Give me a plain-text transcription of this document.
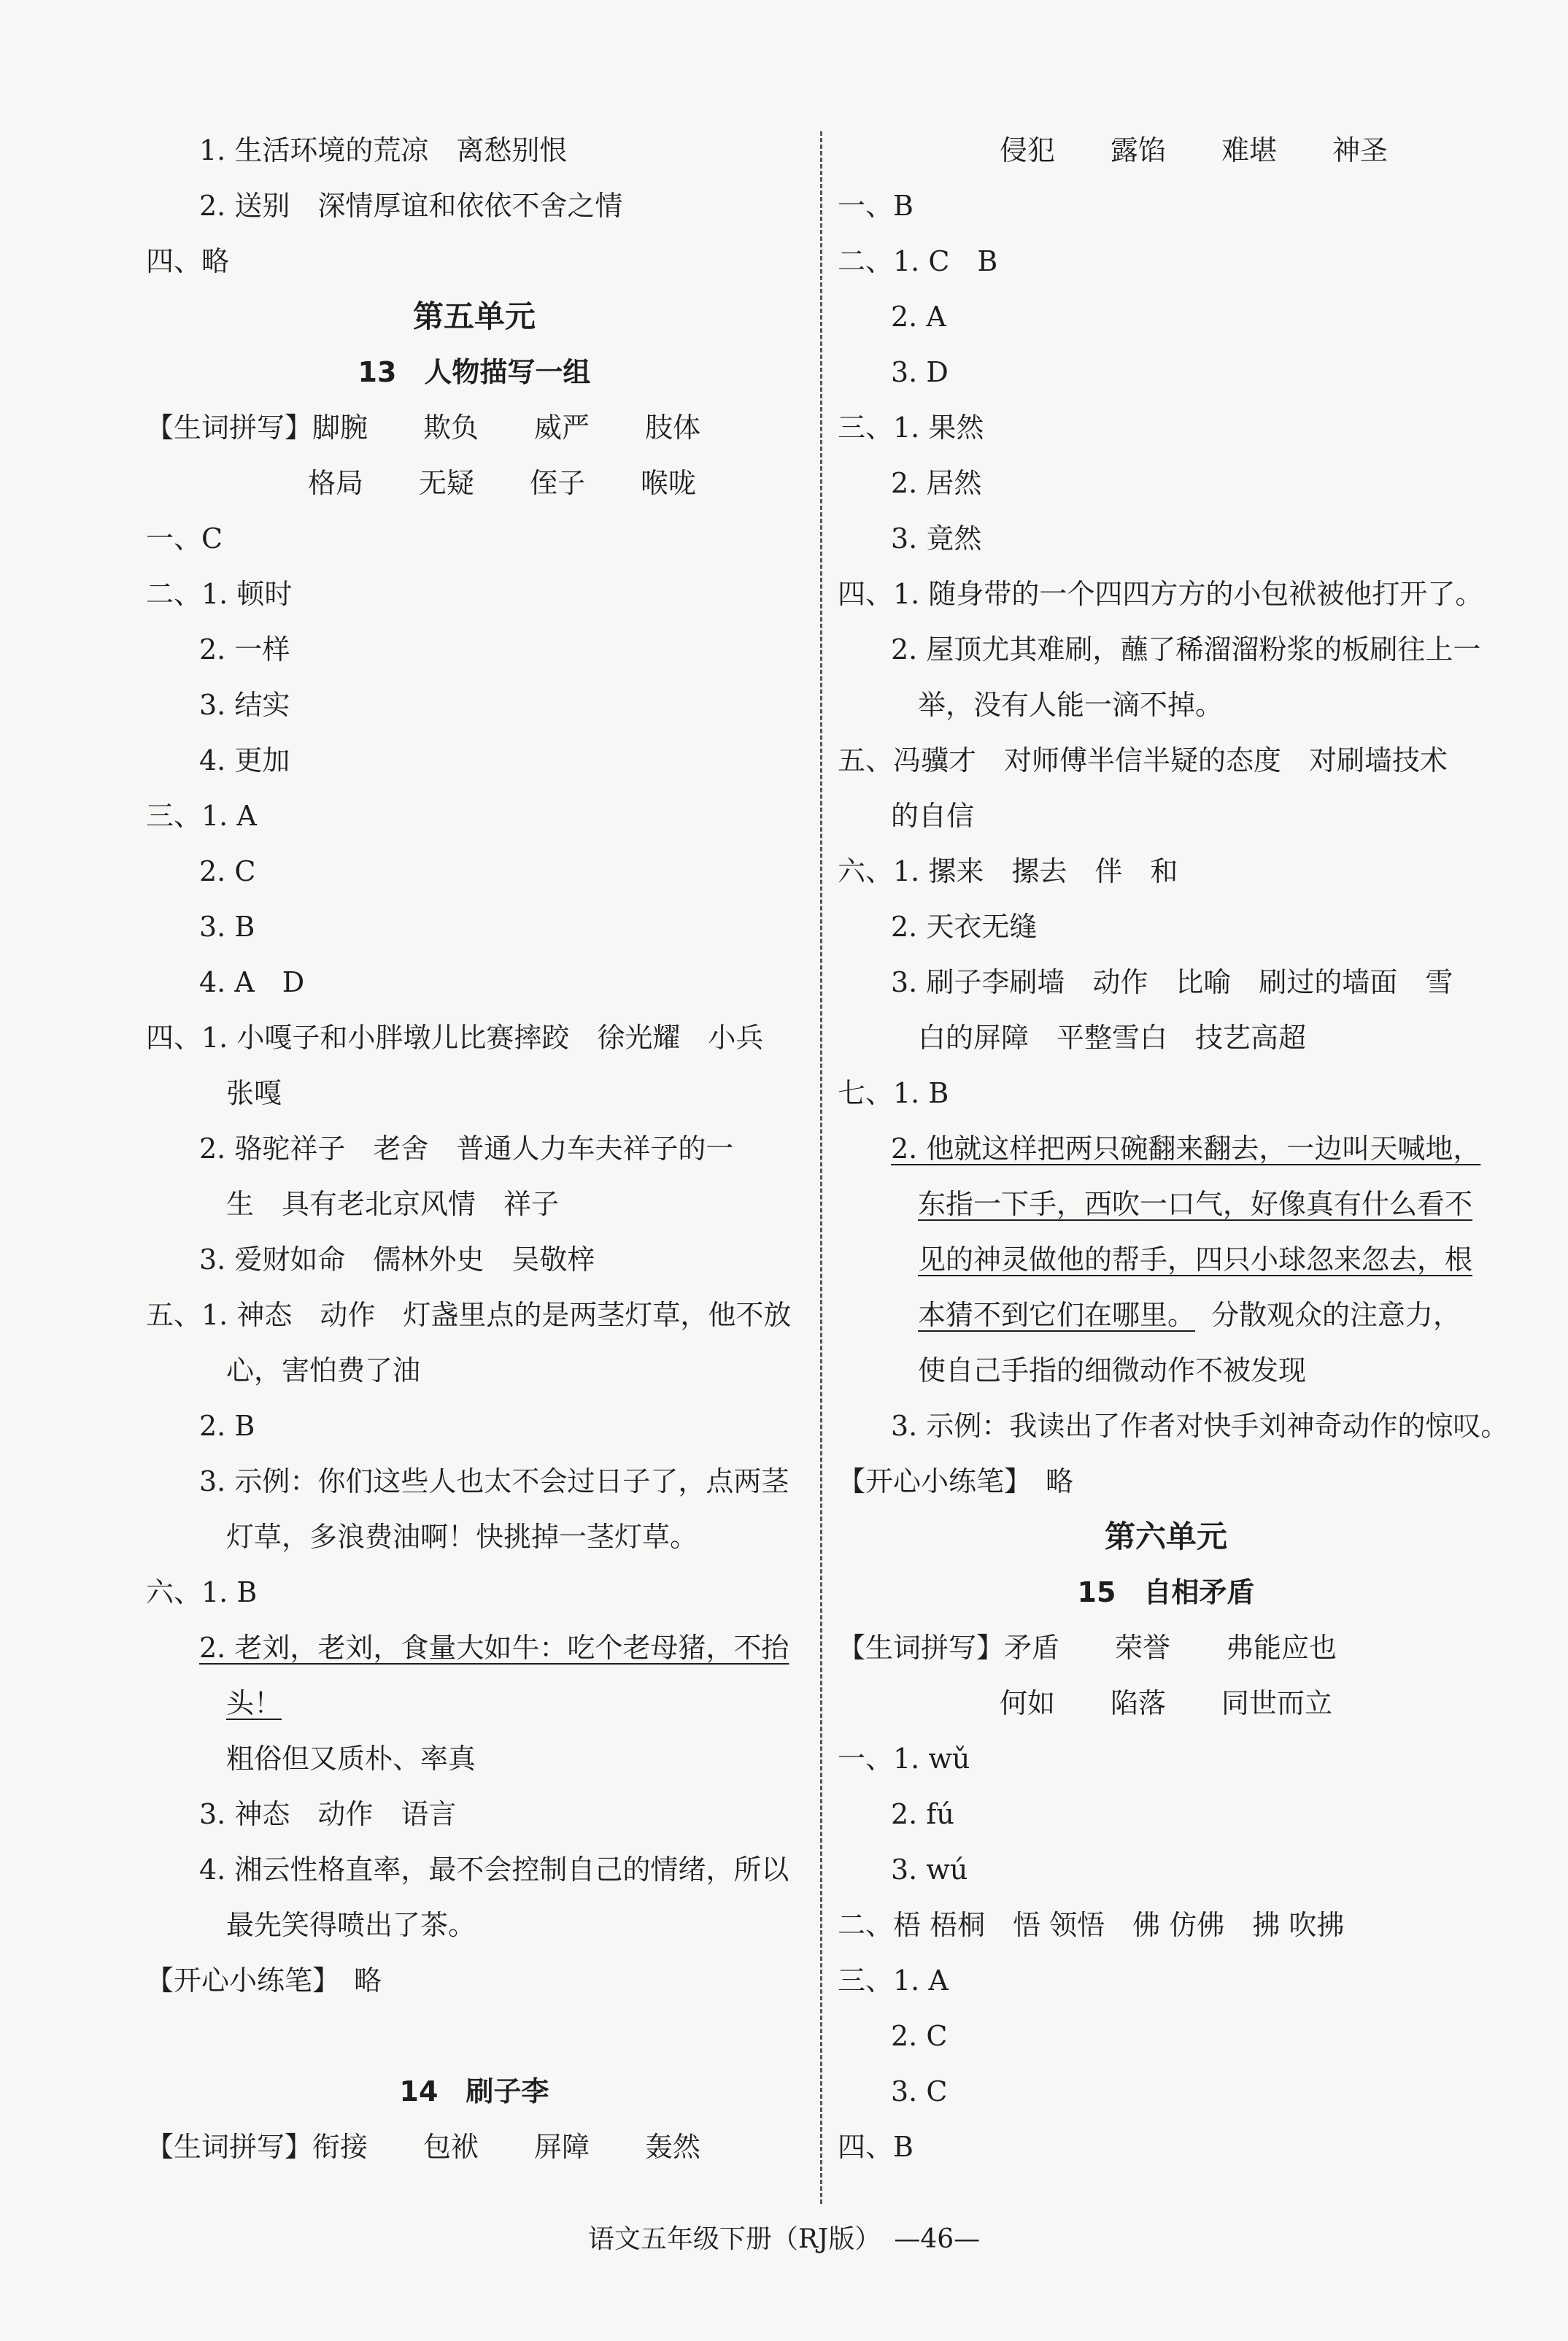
1. 生活环境的荒凉　离愁别恨
2. 送别　深情厚谊和依依不舍之情
四、略
第五单元
13　人物描写一组
【生词拼写】脚腕　　欺负　　威严　　肢体
格局　　无疑　　侄子　　喉咙
一、C
二、1. 顿时
2. 一样
3. 结实
4. 更加
三、1. A
2. C
3. B
4. A　D
四、1. 小嘎子和小胖墩儿比赛摔跤　徐光耀　小兵
张嘎
2. 骆驼祥子　老舍　普通人力车夫祥子的一
生　具有老北京风情　祥子
3. 爱财如命　儒林外史　吴敬梓
五、1. 神态　动作　灯盏里点的是两茎灯草，他不放
心，害怕费了油
2. B
3. 示例：你们这些人也太不会过日子了，点两茎
灯草，多浪费油啊！快挑掉一茎灯草。
六、1. B
2. 老刘，老刘，食量大如牛：吃个老母猪，不抬
头！
粗俗但又质朴、率真
3. 神态　动作　语言
4. 湘云性格直率，最不会控制自己的情绪，所以
最先笑得喷出了茶。
【开心小练笔】　略
14　刷子李
【生词拼写】衔接　　包袱　　屏障　　轰然
侵犯　　露馅　　难堪　　神圣
一、B
二、1. C　B
2. A
3. D
三、1. 果然
2. 居然
3. 竟然
四、1. 随身带的一个四四方方的小包袱被他打开了。
2. 屋顶尤其难刷，蘸了稀溜溜粉浆的板刷往上一
举，没有人能一滴不掉。
五、冯骥才　对师傅半信半疑的态度　对刷墙技术
的自信
六、1. 摞来　摞去　伴　和
2. 天衣无缝
3. 刷子李刷墙　动作　比喻　刷过的墙面　雪
白的屏障　平整雪白　技艺高超
七、1. B
2. 他就这样把两只碗翻来翻去，一边叫天喊地，
东指一下手，西吹一口气，好像真有什么看不
见的神灵做他的帮手，四只小球忽来忽去，根
本猜不到它们在哪里。 分散观众的注意力，
使自己手指的细微动作不被发现
3. 示例：我读出了作者对快手刘神奇动作的惊叹。
【开心小练笔】　略
第六单元
15　自相矛盾
【生词拼写】矛盾　　荣誉　　弗能应也
何如　　陷落　　同世而立
一、1. wǔ
2. fú
3. wú
二、梧 梧桐　悟 领悟　佛 仿佛　拂 吹拂
三、1. A
2. C
3. C
四、B
语文五年级下册（RJ版）　—46—
